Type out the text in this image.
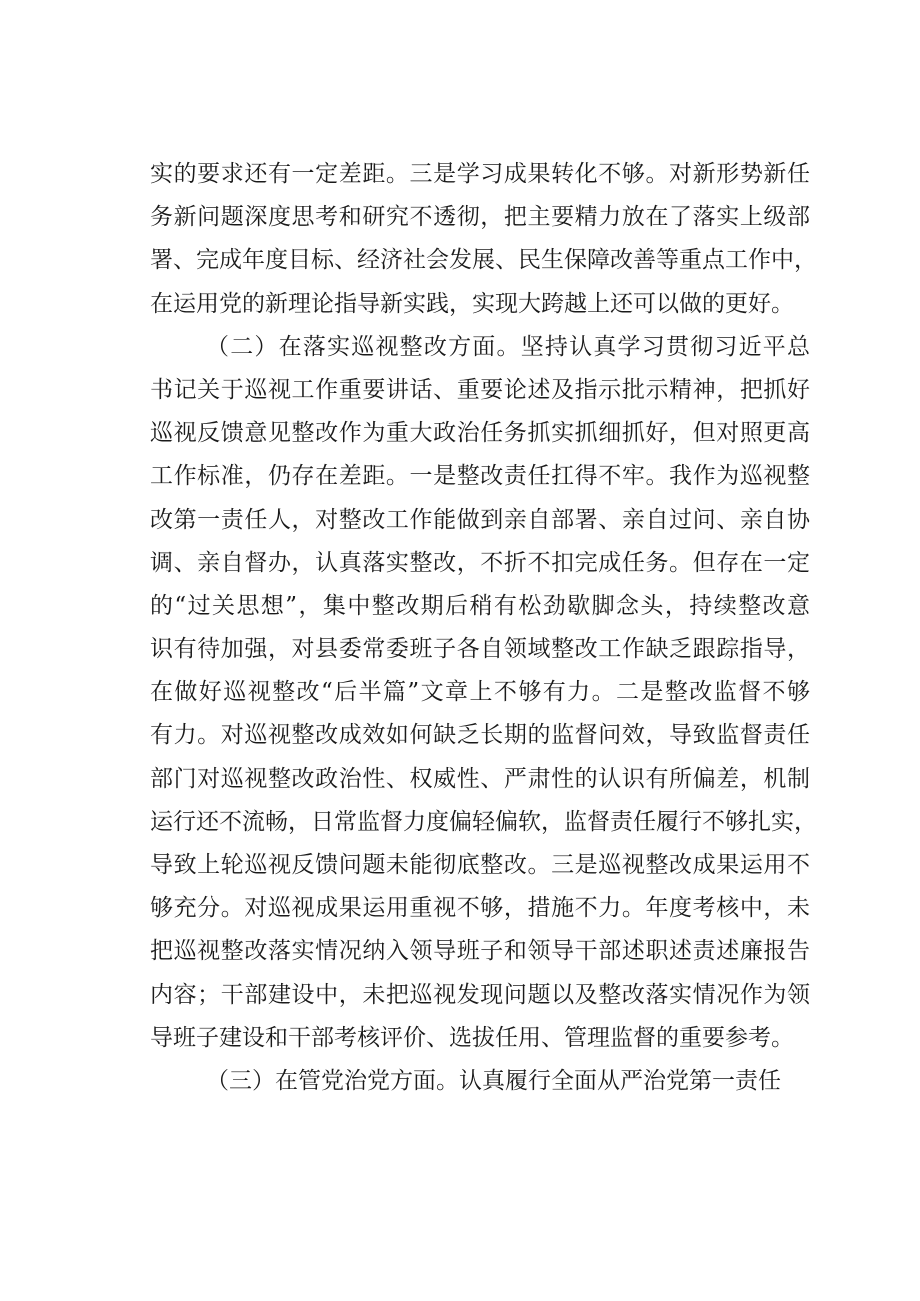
实的要求还有一定差距。三是学习成果转化不够。对新形势新任
务新问题深度思考和研究不透彻，把主要精力放在了落实上级部
署、完成年度目标、经济社会发展、民生保障改善等重点工作中，
在运用党的新理论指导新实践，实现大跨越上还可以做的更好。
（二）在落实巡视整改方面。坚持认真学习贯彻习近平总
书记关于巡视工作重要讲话、重要论述及指示批示精神，把抓好
巡视反馈意见整改作为重大政治任务抓实抓细抓好，但对照更高
工作标准，仍存在差距。一是整改责任扛得不牢。我作为巡视整
改第一责任人，对整改工作能做到亲自部署、亲自过问、亲自协
调、亲自督办，认真落实整改，不折不扣完成任务。但存在一定
的“过关思想”，集中整改期后稍有松劲歇脚念头，持续整改意
识有待加强，对县委常委班子各自领域整改工作缺乏跟踪指导，
在做好巡视整改“后半篇”文章上不够有力。二是整改监督不够
有力。对巡视整改成效如何缺乏长期的监督问效，导致监督责任
部门对巡视整改政治性、权威性、严肃性的认识有所偏差，机制
运行还不流畅，日常监督力度偏轻偏软，监督责任履行不够扎实，
导致上轮巡视反馈问题未能彻底整改。三是巡视整改成果运用不
够充分。对巡视成果运用重视不够，措施不力。年度考核中，未
把巡视整改落实情况纳入领导班子和领导干部述职述责述廉报告
内容；干部建设中，未把巡视发现问题以及整改落实情况作为领
导班子建设和干部考核评价、选拔任用、管理监督的重要参考。
（三）在管党治党方面。认真履行全面从严治党第一责任
